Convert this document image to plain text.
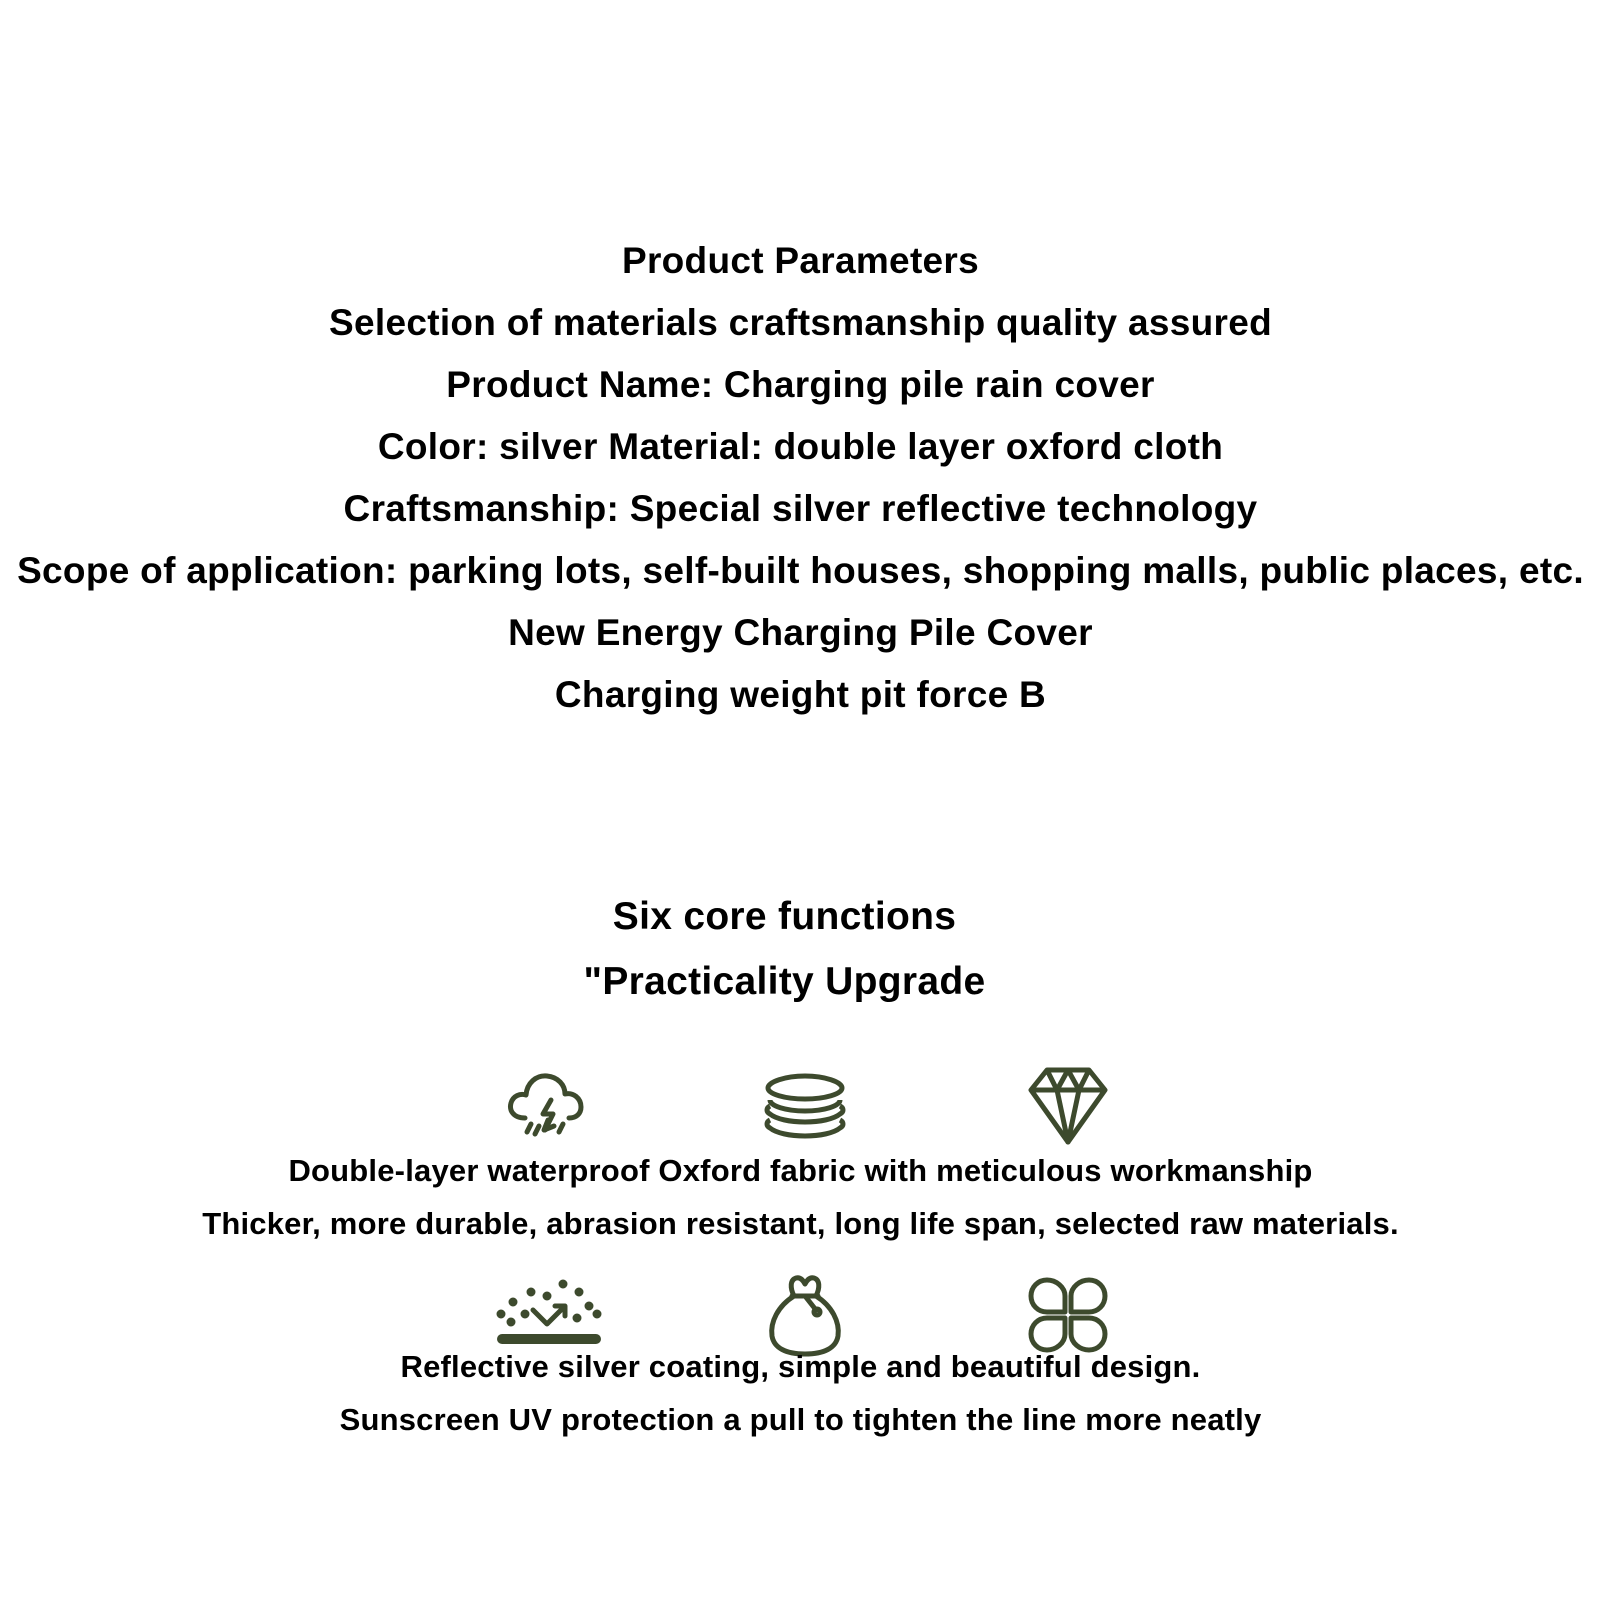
Product Parameters
Selection of materials craftsmanship quality assured
Product Name: Charging pile rain cover
Color: silver Material: double layer oxford cloth
Craftsmanship: Special silver reflective technology
Scope of application: parking lots, self-built houses, shopping malls, public places, etc.
New Energy Charging Pile Cover
Charging weight pit force B
Six core functions
"Practicality Upgrade
Double-layer waterproof Oxford fabric with meticulous workmanship
Thicker, more durable, abrasion resistant, long life span, selected raw materials.
Reflective silver coating, simple and beautiful design.
Sunscreen UV protection a pull to tighten the line more neatly
